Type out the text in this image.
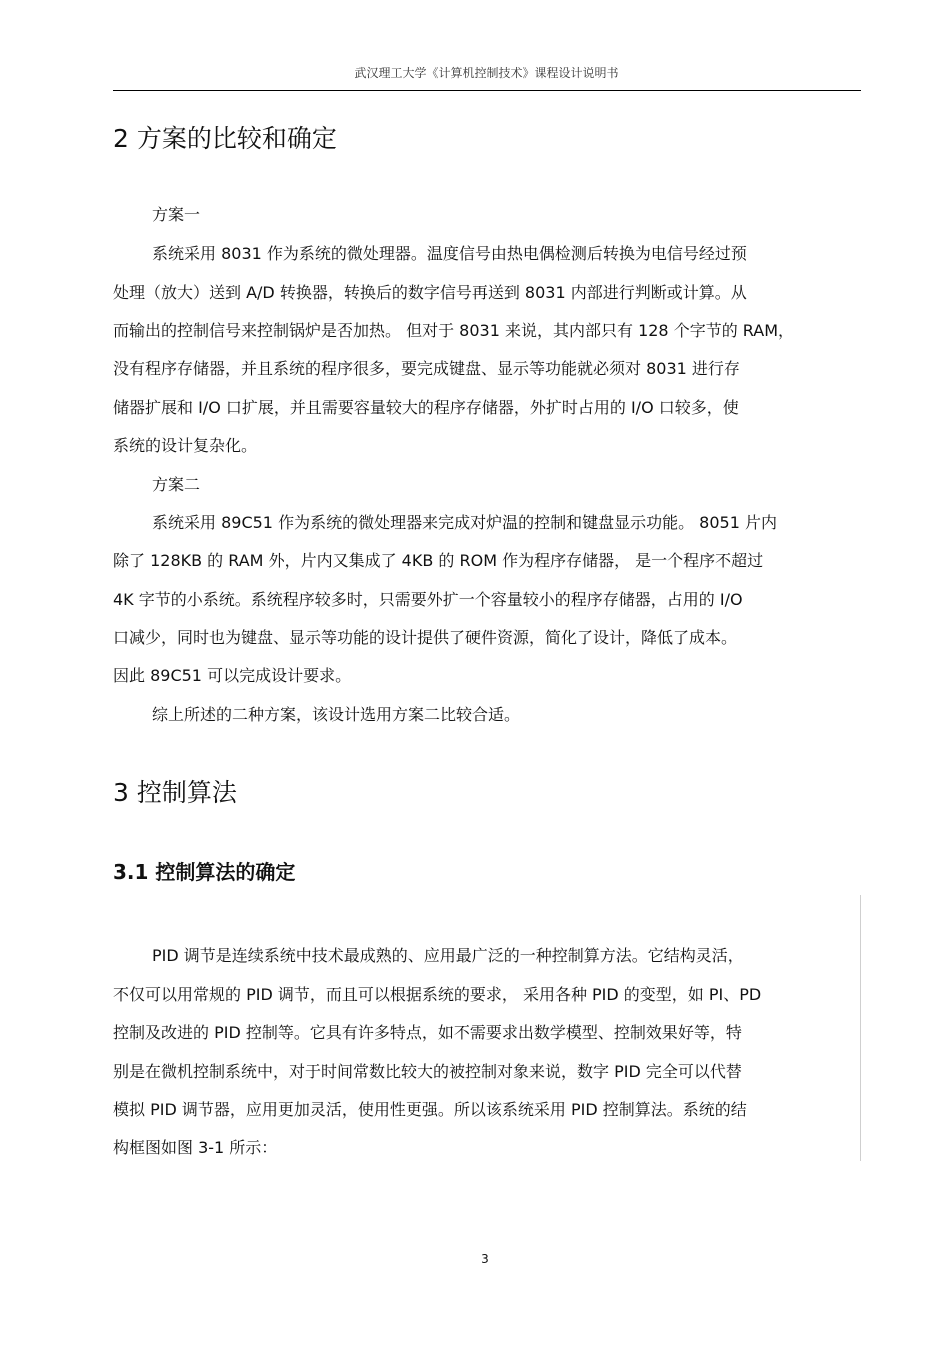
武汉理工大学《计算机控制技术》课程设计说明书
2 方案的比较和确定
方案一
系统采用 8031 作为系统的微处理器。温度信号由热电偶检测后转换为电信号经过预
处理（放大）送到 A/D 转换器，转换后的数字信号再送到 8031 内部进行判断或计算。从
而输出的控制信号来控制锅炉是否加热。 但对于 8031 来说，其内部只有 128 个字节的 RAM，
没有程序存储器，并且系统的程序很多，要完成键盘、显示等功能就必须对 8031 进行存
储器扩展和 I/O 口扩展，并且需要容量较大的程序存储器，外扩时占用的 I/O 口较多，使
系统的设计复杂化。
方案二
系统采用 89C51 作为系统的微处理器来完成对炉温的控制和键盘显示功能。 8051 片内
除了 128KB 的 RAM 外，片内又集成了 4KB 的 ROM 作为程序存储器， 是一个程序不超过
4K 字节的小系统。系统程序较多时，只需要外扩一个容量较小的程序存储器，占用的 I/O
口减少，同时也为键盘、显示等功能的设计提供了硬件资源，简化了设计，降低了成本。
因此 89C51 可以完成设计要求。
综上所述的二种方案，该设计选用方案二比较合适。
3 控制算法
3.1 控制算法的确定
PID 调节是连续系统中技术最成熟的、应用最广泛的一种控制算方法。它结构灵活，
不仅可以用常规的 PID 调节，而且可以根据系统的要求， 采用各种 PID 的变型，如 PI、PD
控制及改进的 PID 控制等。它具有许多特点，如不需要求出数学模型、控制效果好等，特
别是在微机控制系统中，对于时间常数比较大的被控制对象来说，数字 PID 完全可以代替
模拟 PID 调节器，应用更加灵活，使用性更强。所以该系统采用 PID 控制算法。系统的结
构框图如图 3-1 所示：
3
